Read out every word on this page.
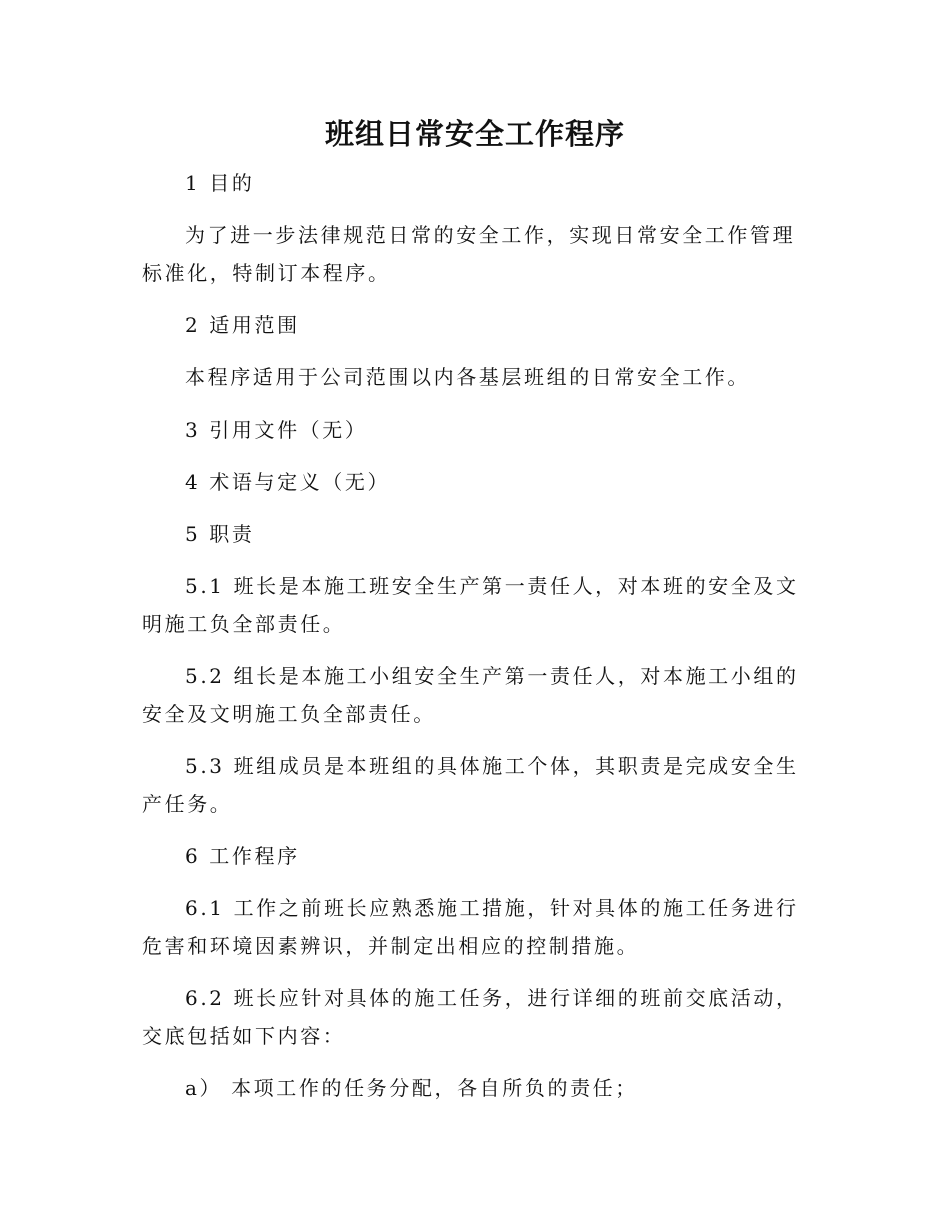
班组日常安全工作程序

1 目的

为了进一步法律规范日常的安全工作，实现日常安全工作管理标准化，特制订本程序。

2 适用范围

本程序适用于公司范围以内各基层班组的日常安全工作。

3 引用文件（无）

4 术语与定义（无）

5 职责

5.1 班长是本施工班安全生产第一责任人，对本班的安全及文明施工负全部责任。

5.2 组长是本施工小组安全生产第一责任人，对本施工小组的安全及文明施工负全部责任。

5.3 班组成员是本班组的具体施工个体，其职责是完成安全生产任务。

6 工作程序

6.1 工作之前班长应熟悉施工措施，针对具体的施工任务进行危害和环境因素辨识，并制定出相应的控制措施。

6.2 班长应针对具体的施工任务，进行详细的班前交底活动，交底包括如下内容：

a） 本项工作的任务分配，各自所负的责任；
